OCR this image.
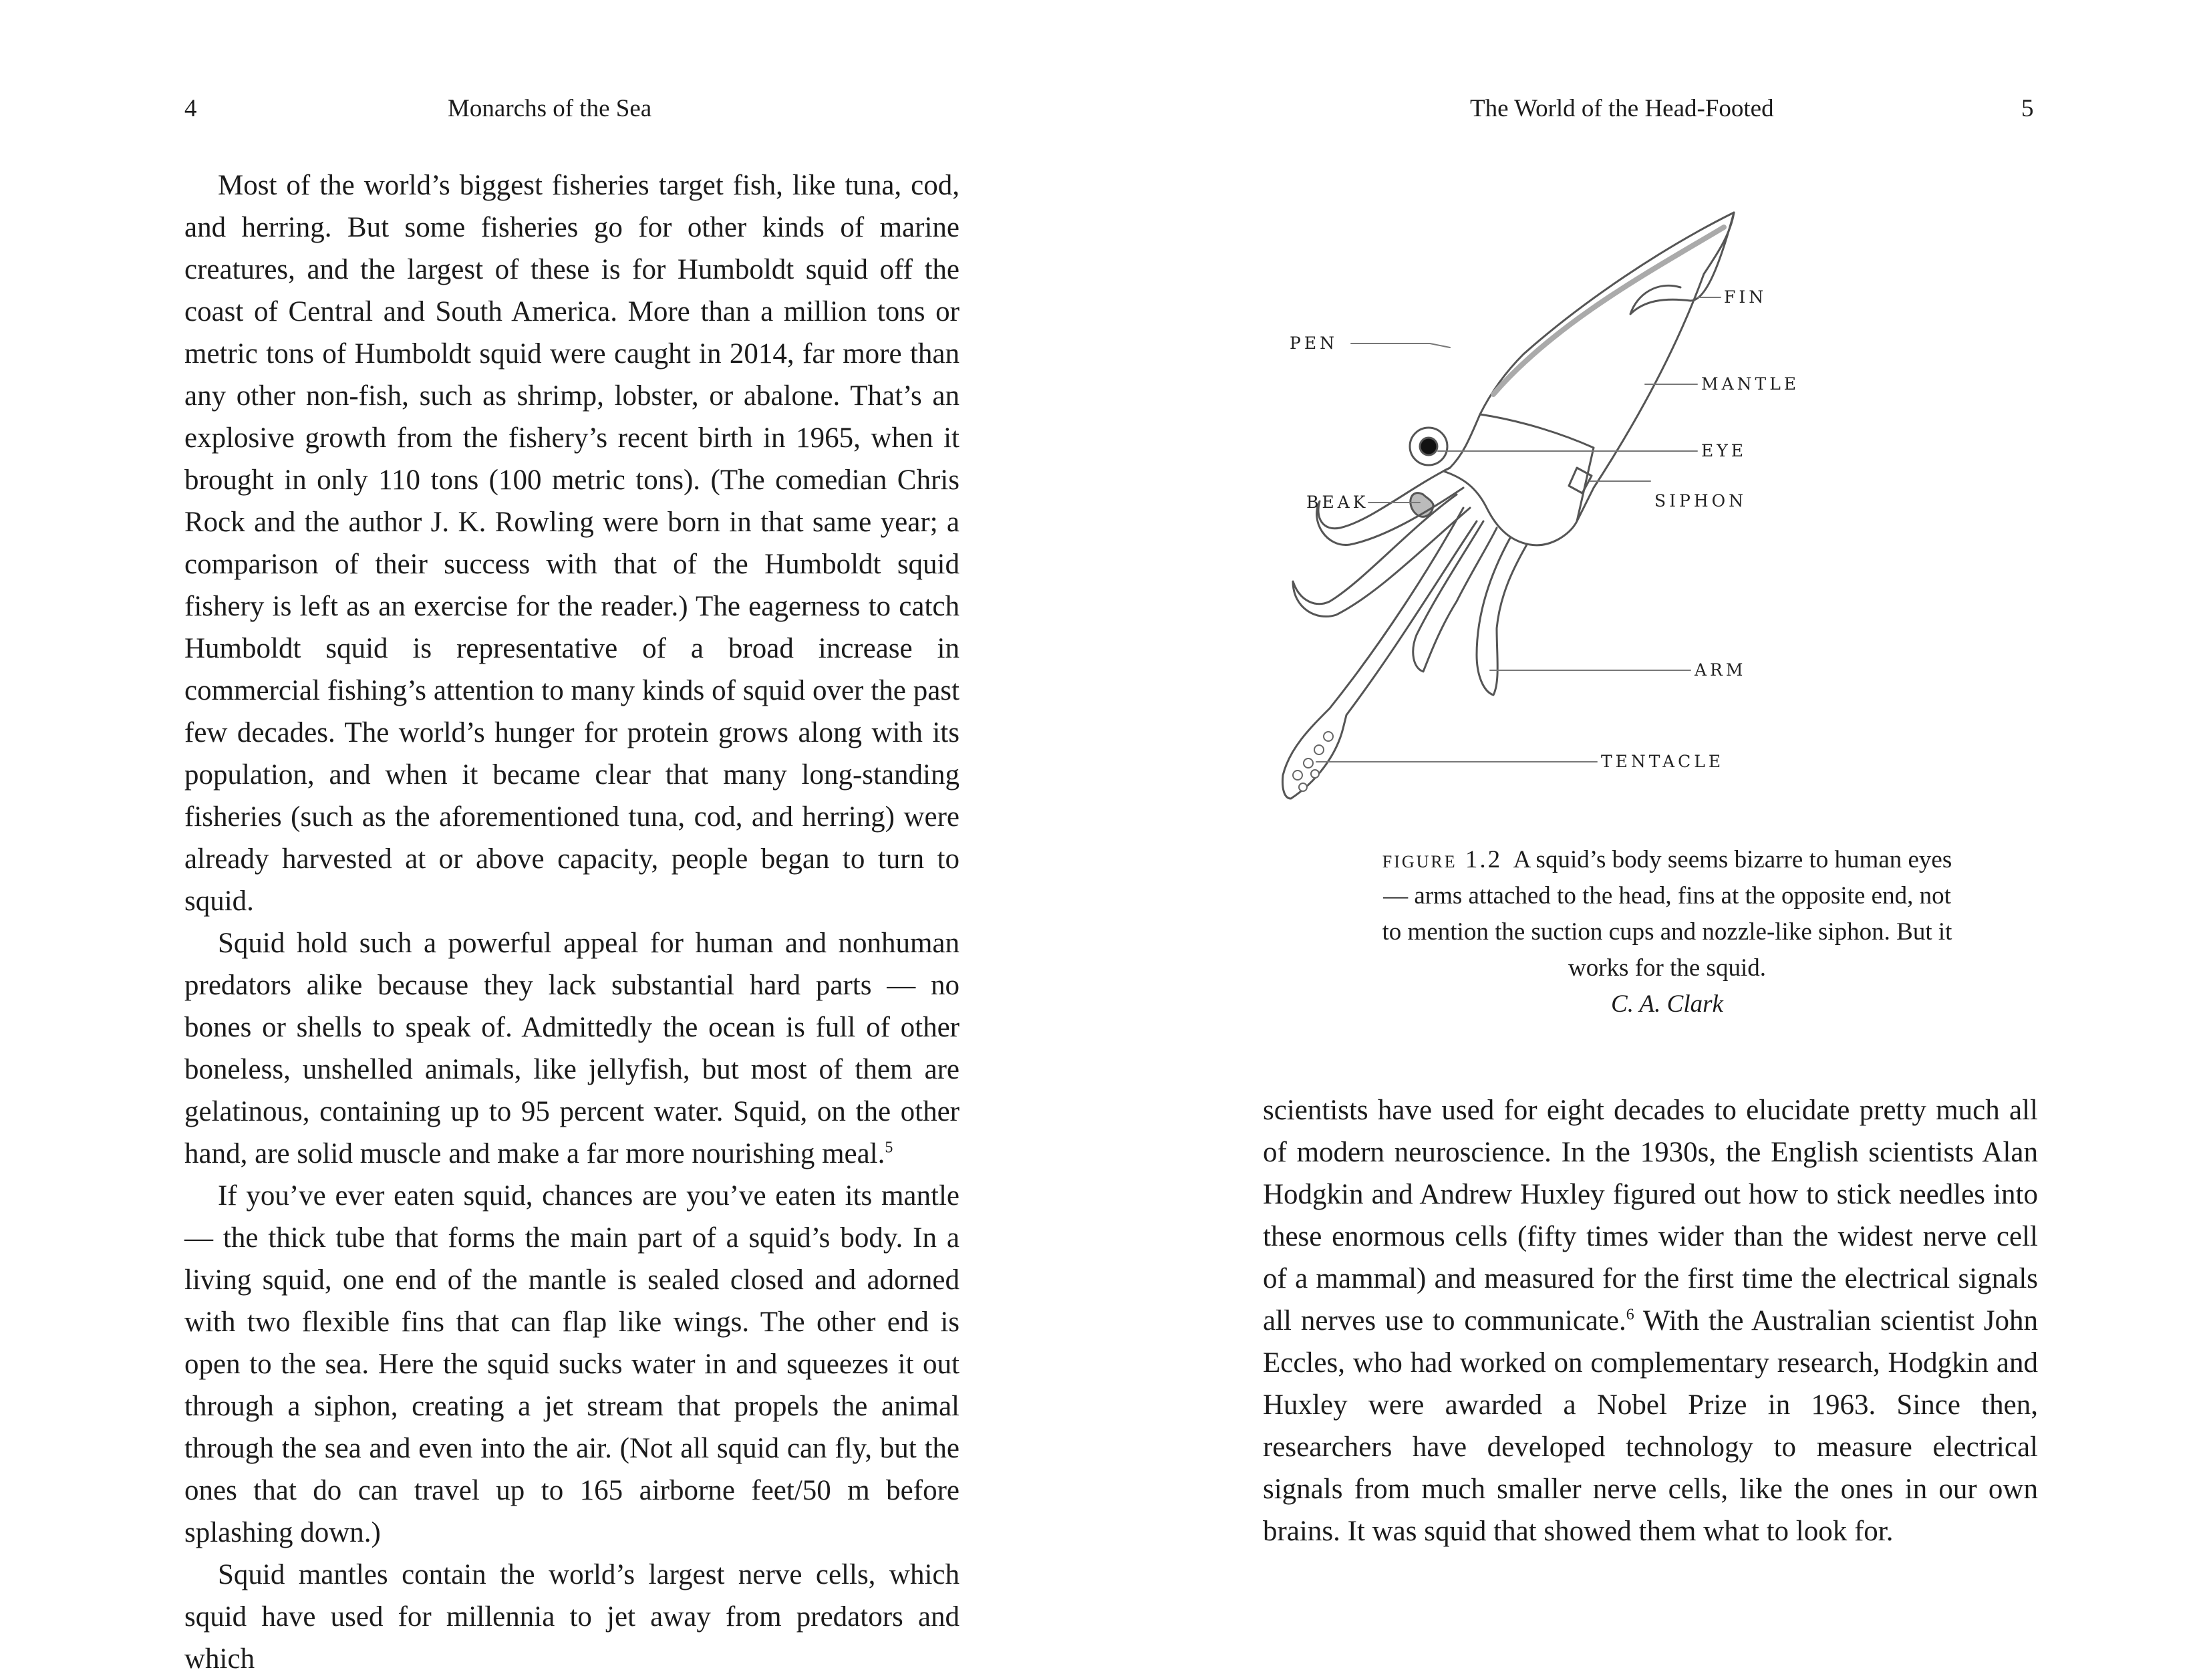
4	Monarchs of the Sea

Most of the world’s biggest fisheries target fish, like tuna, cod, and herring. But some fisheries go for other kinds of marine creatures, and the largest of these is for Humboldt squid off the coast of Central and South America. More than a million tons or metric tons of Humboldt squid were caught in 2014, far more than any other non-fish, such as shrimp, lobster, or abalone. That’s an explosive growth from the fishery’s recent birth in 1965, when it brought in only 110 tons (100 metric tons). (The comedian Chris Rock and the author J. K. Rowling were born in that same year; a comparison of their success with that of the Humboldt squid fishery is left as an exercise for the reader.) The eagerness to catch Humboldt squid is representative of a broad increase in commercial fishing’s attention to many kinds of squid over the past few decades. The world’s hunger for protein grows along with its population, and when it became clear that many long-standing fisheries (such as the aforementioned tuna, cod, and herring) were already harvested at or above capacity, people began to turn to squid.

Squid hold such a powerful appeal for human and nonhuman predators alike because they lack substantial hard parts — no bones or shells to speak of. Admittedly the ocean is full of other boneless, unshelled animals, like jellyfish, but most of them are gelatinous, containing up to 95 percent water. Squid, on the other hand, are solid muscle and make a far more nourishing meal.$^5$

If you’ve ever eaten squid, chances are you’ve eaten its mantle — the thick tube that forms the main part of a squid’s body. In a living squid, one end of the mantle is sealed closed and adorned with two flexible fins that can flap like wings. The other end is open to the sea. Here the squid sucks water in and squeezes it out through a siphon, creating a jet stream that propels the animal through the sea and even into the air. (Not all squid can fly, but the ones that do can travel up to 165 airborne feet/50 m before splashing down.)

Squid mantles contain the world’s largest nerve cells, which squid have used for millennia to jet away from predators and which

The World of the Head-Footed	5
FIN
PEN
MANTLE
EYE
BEAK	SIPHON
ARM
TENTACLE
figure 1.2 A squid’s body seems bizarre to human eyes — arms attached to the head, fins at the opposite end, not to mention the suction cups and nozzle-like siphon. But it works for the squid.
C. A. Clark

scientists have used for eight decades to elucidate pretty much all of modern neuroscience. In the 1930s, the English scientists Alan Hodgkin and Andrew Huxley figured out how to stick needles into these enormous cells (fifty times wider than the widest nerve cell of a mammal) and measured for the first time the electrical signals all nerves use to communicate.$^6$ With the Australian scientist John Eccles, who had worked on complementary research, Hodgkin and Huxley were awarded a Nobel Prize in 1963. Since then, researchers have developed technology to measure electrical signals from much smaller nerve cells, like the ones in our own brains. It was squid that showed them what to look for.
